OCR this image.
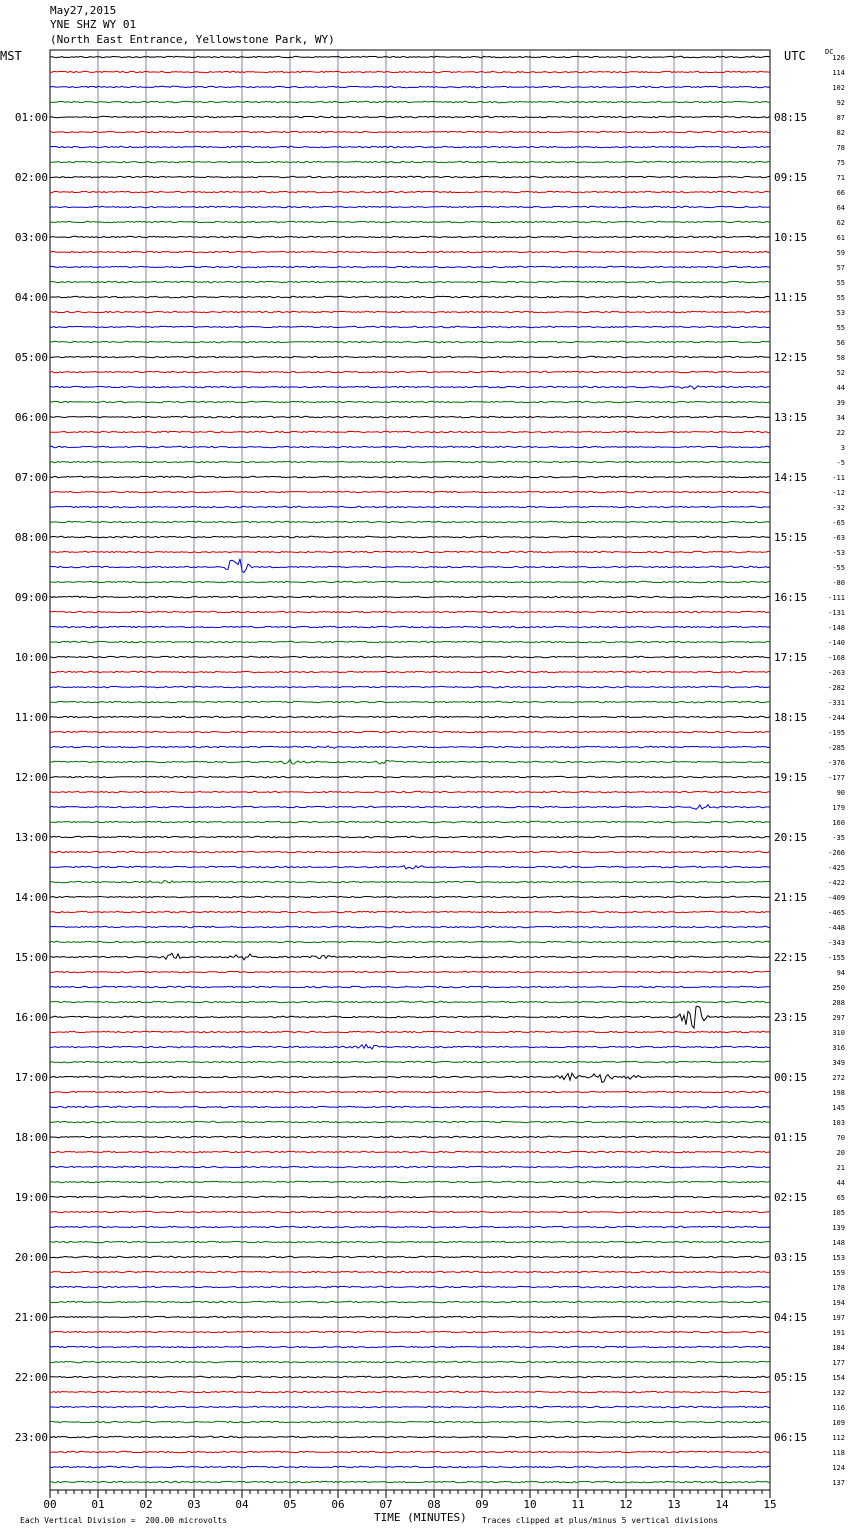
May27,2015
YNE SHZ WY 01
(North East Entrance, Yellowstone Park, WY)
MST	UTC	DC
Each Vertical Division =  200.00 microvolts	TIME (MINUTES) Traces clipped at plus/minus 5 vertical divisions
126
114
102
92
87
01:00	08:15
82
78
75
71
02:00	09:15
66
64
62
61
03:00	10:15
59
57
55
55
04:00	11:15
53
55
56
58
05:00	12:15
52
44
39
34
06:00	13:15
22
3
-5
-11
07:00	14:15
-12
-32
-65
-63
08:00	15:15
-53
-55
-80
-111
09:00	16:15
-131
-148
-140
-168
10:00	17:15
-263
-282
-331
-244
11:00	18:15
-195
-285
-376
-177
12:00	19:15
90
179
160
-35
13:00	20:15
-266
-425
-422
-409
14:00	21:15
-465
-448
-343
-155
15:00	22:15
94
250
288
297
16:00	23:15
310
316
349
272
17:00	00:15
198
145
103
70
18:00	01:15
20
21
44
65
19:00	02:15
105
139
148
153
20:00	03:15
159
178
194
197
21:00	04:15
191
184
177
154
22:00	05:15
132
116
109
112
23:00	06:15
118
124
137
00	01	02	03	04	05	06	07	08	09	10	11	12	13	14	15
